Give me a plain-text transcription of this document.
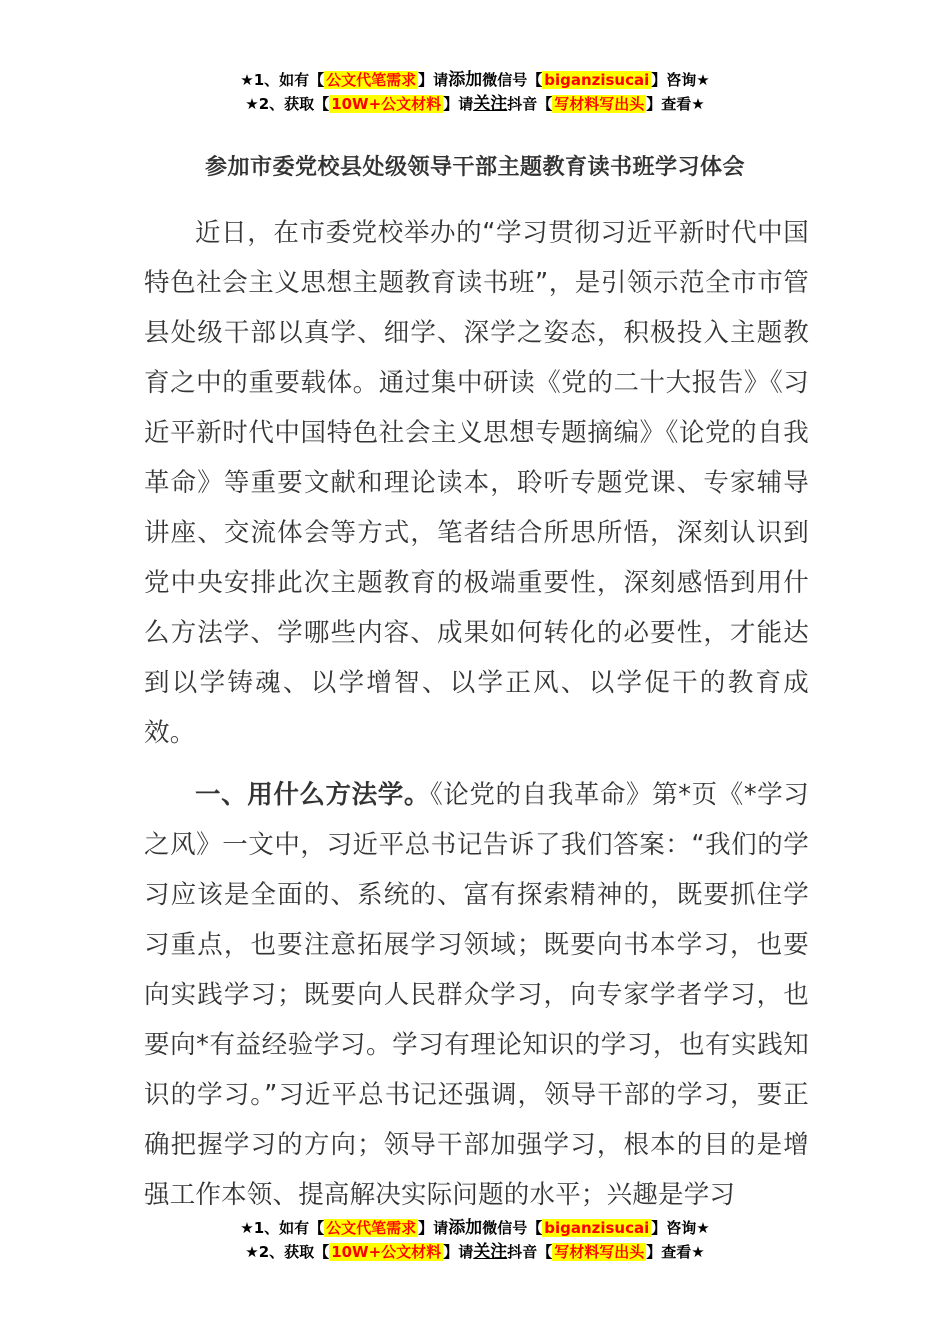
★1、如有【 公文代笔需求 】请添加微信号【 biganzisucai 】咨询★
★2、获取【 10W+公文材料 】请关注抖音【 写材料写出头 】查看★
参加市委党校县处级领导干部主题教育读书班学习体会

近日，在市委党校举办的“学习贯彻习近平新时代中国特色社会主义思想主题教育读书班”，是引领示范全市市管县处级干部以真学、细学、深学之姿态，积极投入主题教育之中的重要载体。通过集中研读《党的二十大报告》《习近平新时代中国特色社会主义思想专题摘编》《论党的自我革命》等重要文献和理论读本，聆听专题党课、专家辅导讲座、交流体会等方式，笔者结合所思所悟，深刻认识到党中央安排此次主题教育的极端重要性，深刻感悟到用什么方法学、学哪些内容、成果如何转化的必要性，才能达到以学铸魂、以学增智、以学正风、以学促干的教育成效。

一、用什么方法学。《论党的自我革命》第*页《*学习之风》一文中，习近平总书记告诉了我们答案：“我们的学习应该是全面的、系统的、富有探索精神的，既要抓住学习重点，也要注意拓展学习领域；既要向书本学习，也要向实践学习；既要向人民群众学习，向专家学者学习，也要向*有益经验学习。学习有理论知识的学习，也有实践知识的学习。”习近平总书记还强调，领导干部的学习，要正确把握学习的方向；领导干部加强学习，根本的目的是增强工作本领、提高解决实际问题的水平；兴趣是学习

★1、如有【 公文代笔需求 】请添加微信号【 biganzisucai 】咨询★
★2、获取【 10W+公文材料 】请关注抖音【 写材料写出头 】查看★
